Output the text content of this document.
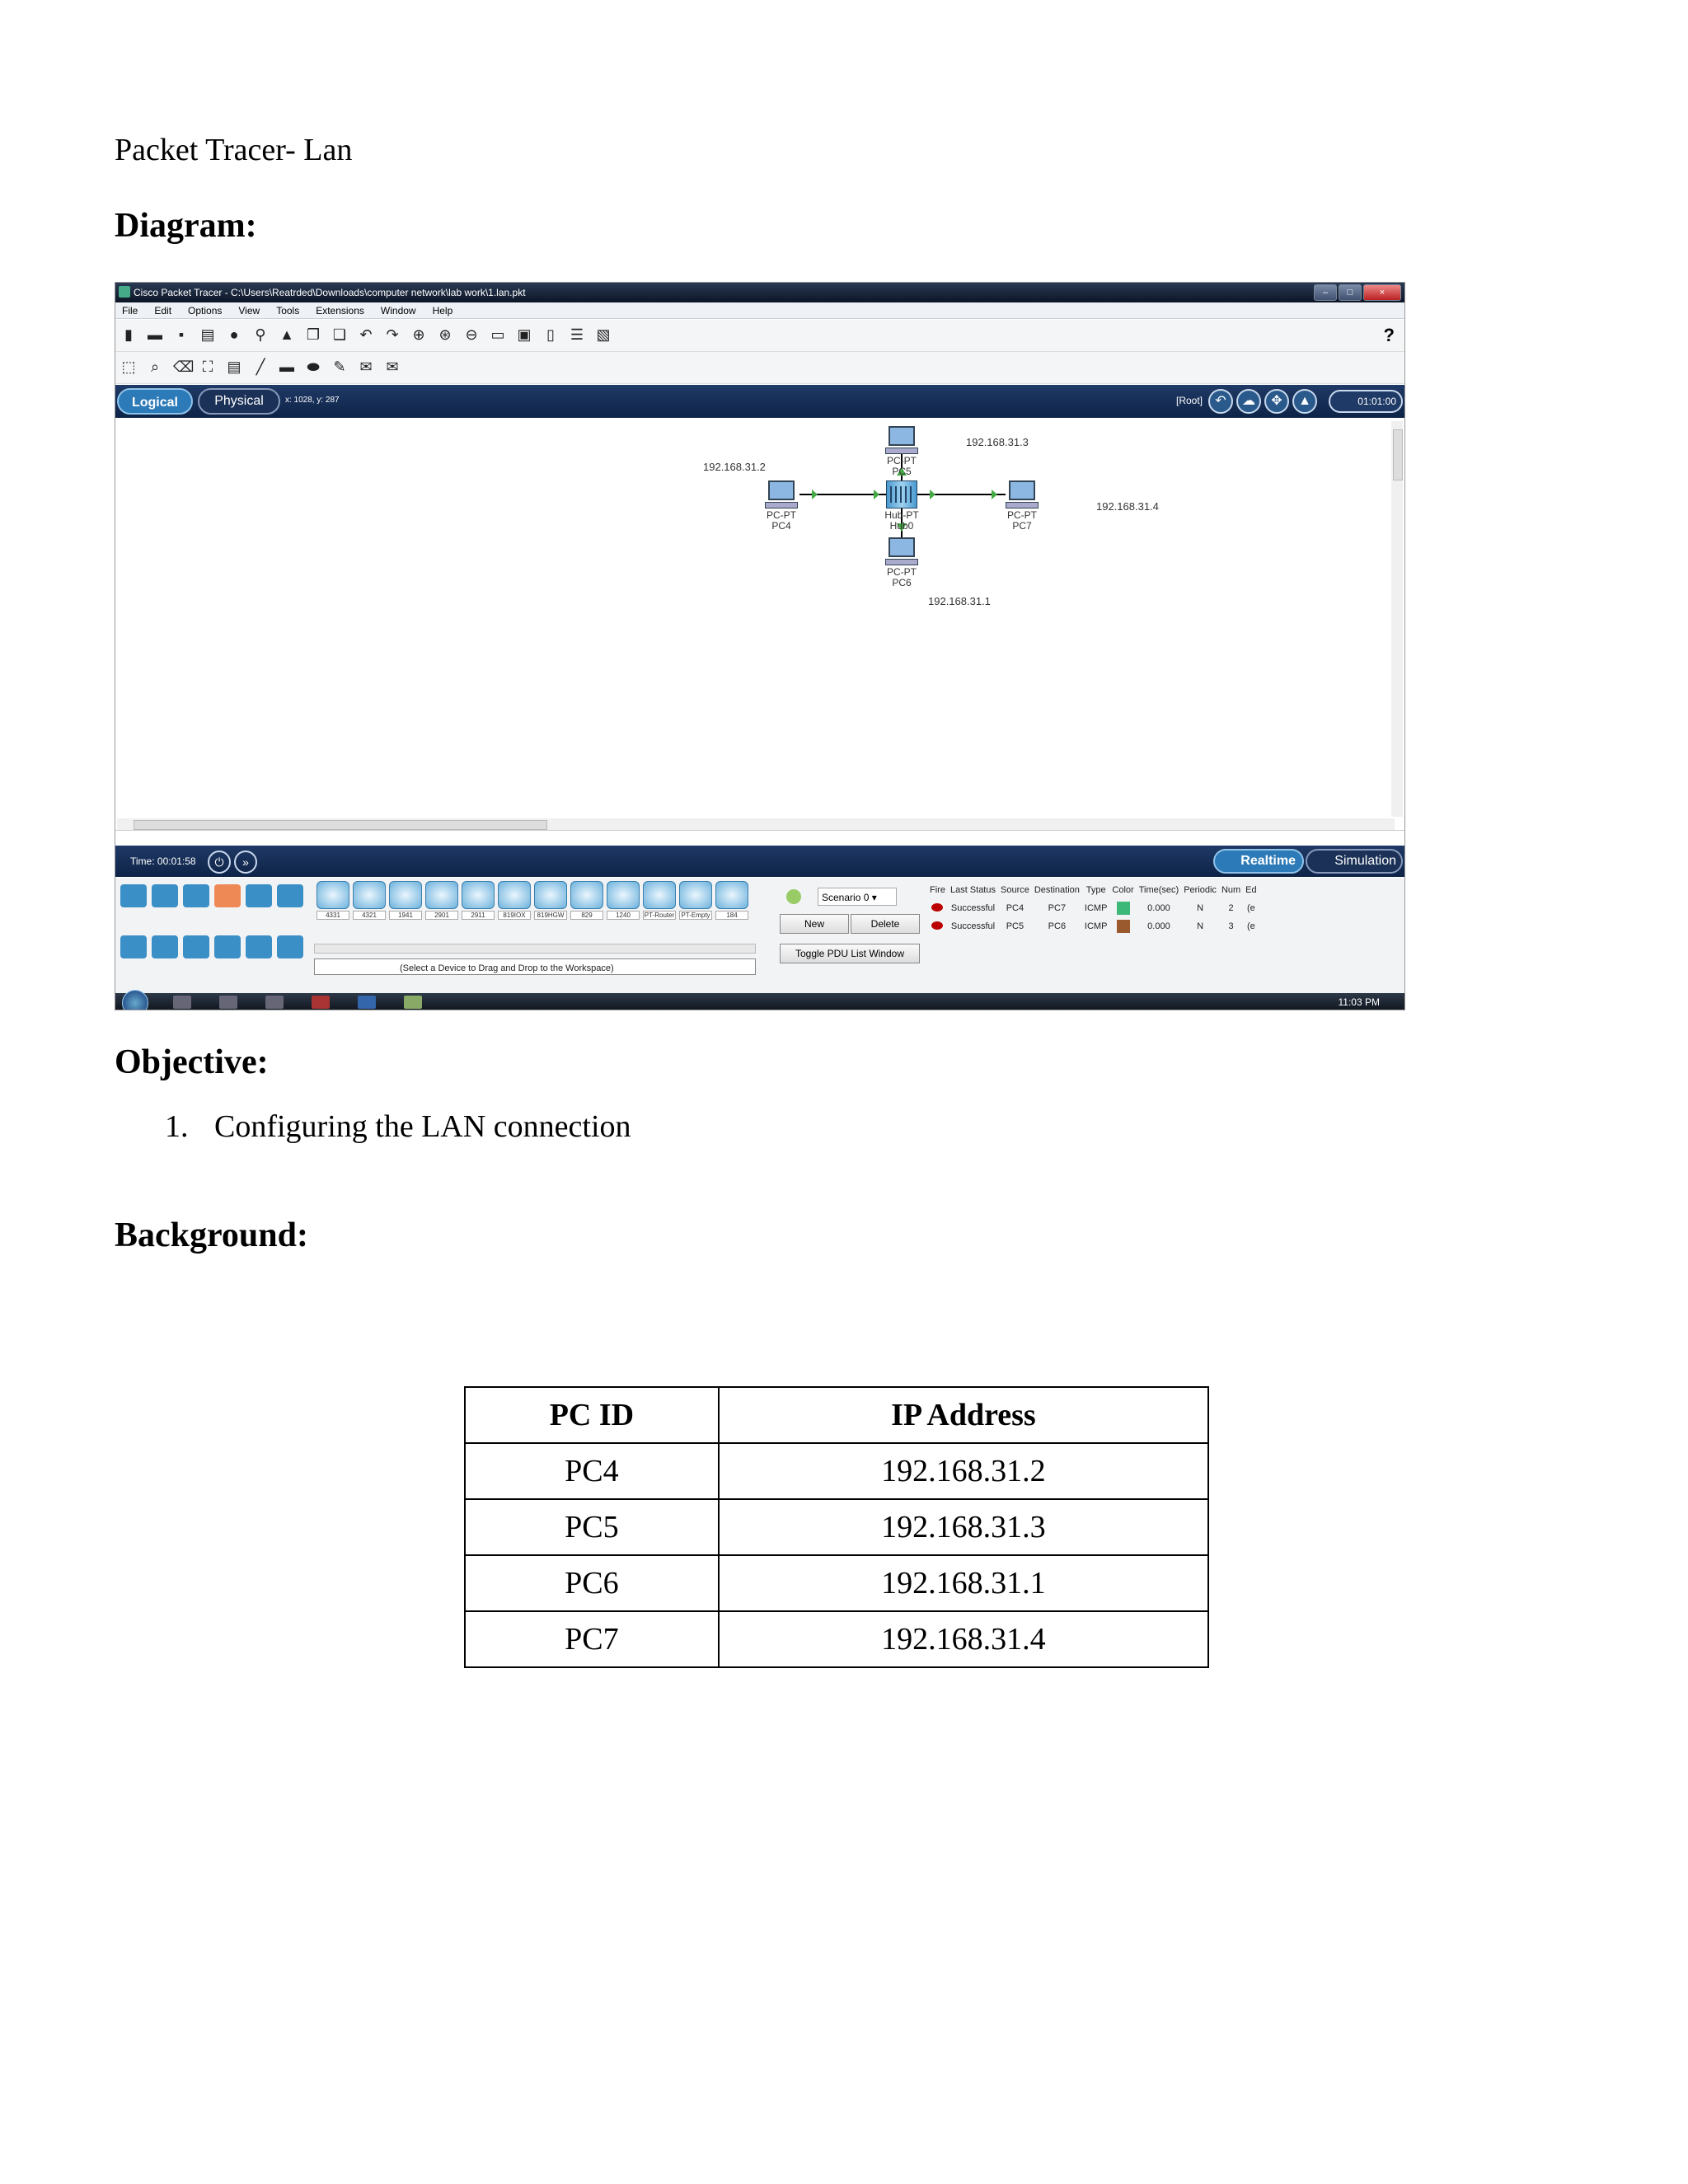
Packet Tracer- Lan
Diagram:
Cisco Packet Tracer - C:\Users\Reatrded\Downloads\computer network\lab work\1.lan.pkt	–	□	×
File Edit Options View Tools Extensions Window Help
▮ ▬	▪	▤ ● ⚲ ▲ ❐ ❏ ↶ ↷ ⊕ ⊛ ⊖ ▭ ▣ ▯ ☰ ▧	?
⬚ ⌕ ⌫ ⛶ ▤ ╱ ▬ ⬬ ✎ ✉ ✉
Logical	Physical	x: 1028, y: 287	[Root] ↶	☁	✥	▲	01:01:00
PC-PT
PC5
192.168.31.3
192.168.31.2
PC-PT
PC4
Hub-PT
Hub0
PC-PT
PC7
192.168.31.4
PC-PT
PC6
192.168.31.1
Time: 00:01:58	⏻	»	Realtime	Simulation
4331	4321	1941	2901	2911	819IOX	819HGW	829	1240	PT-Router	PT-Empty	184
(Select a Device to Drag and Drop to the Workspace)
Scenario 0 ▾
New	Delete
Toggle PDU List Window
Fire	Last Status	Source	Destination	Type	Color	Time(sec)	Periodic	Num	Ed
	Successful	PC4	PC7	ICMP		0.000	N	2	(e
	Successful	PC5	PC6	ICMP		0.000	N	3	(e
11:03 PM
Objective:
1. Configuring the LAN connection
Background:
PC ID	IP Address
PC4	192.168.31.2
PC5	192.168.31.3
PC6	192.168.31.1
PC7	192.168.31.4
